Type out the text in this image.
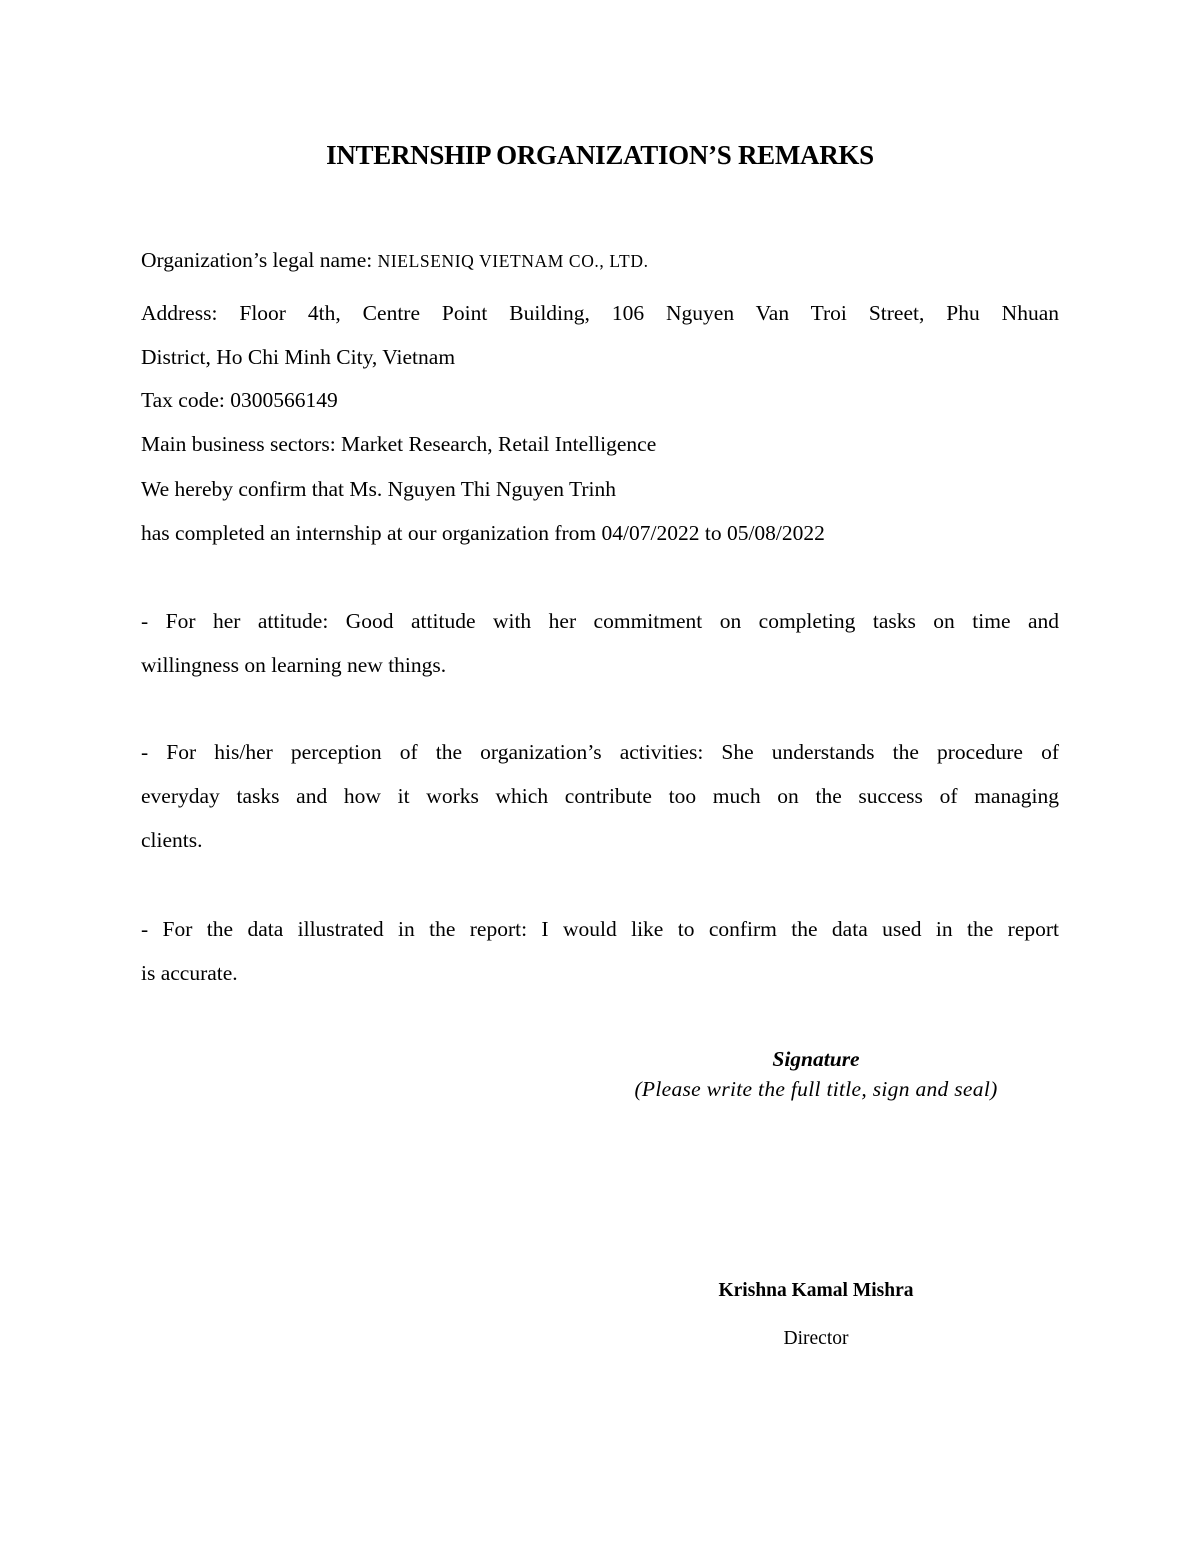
INTERNSHIP ORGANIZATION’S REMARKS

Organization’s legal name: NIELSENIQ VIETNAM CO., LTD.

Address: Floor 4th, Centre Point Building, 106 Nguyen Van Troi Street, Phu Nhuan

District, Ho Chi Minh City, Vietnam

Tax code: 0300566149

Main business sectors: Market Research, Retail Intelligence

We hereby confirm that Ms. Nguyen Thi Nguyen Trinh

has completed an internship at our organization from 04/07/2022 to 05/08/2022

- For her attitude: Good attitude with her commitment on completing tasks on time and

willingness on learning new things.

- For his/her perception of the organization’s activities: She understands the procedure of

everyday tasks and how it works which contribute too much on the success of managing

clients.

- For the data illustrated in the report: I would like to confirm the data used in the report

is accurate.

Signature
(Please write the full title, sign and seal)
Krishna Kamal Mishra
Director
